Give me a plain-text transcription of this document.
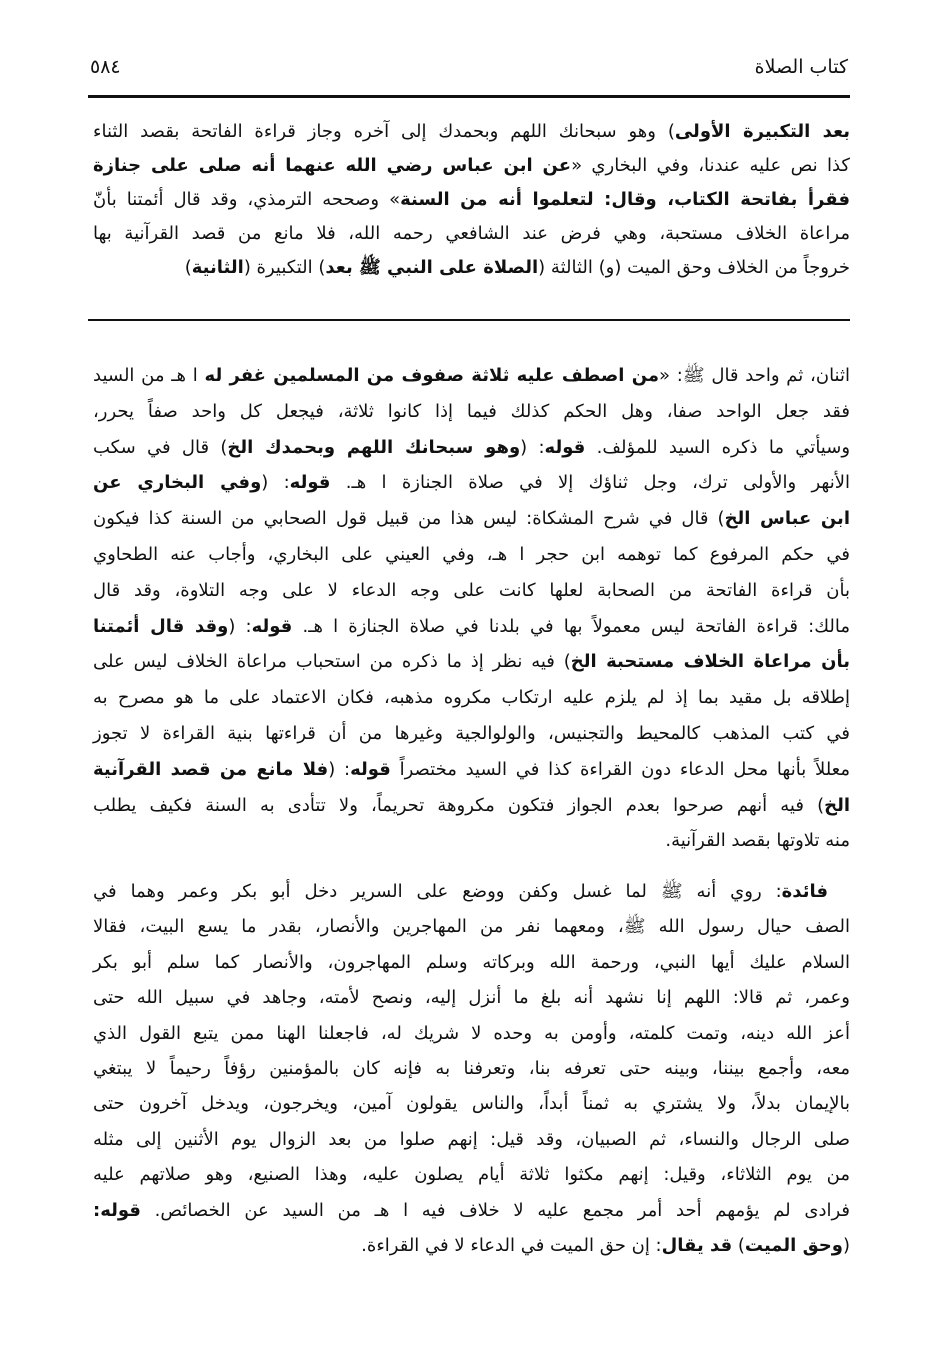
٥٨٤	كتاب الصلاة
بعد التكبيرة الأولى) وهو سبحانك اللهم وبحمدك إلى آخره وجاز قراءة الفاتحة بقصد الثناء
كذا نص عليه عندنا، وفي البخاري «عن ابن عباس رضي الله عنهما أنه صلى على جنازة
فقرأ بفاتحة الكتاب، وقال: لتعلموا أنه من السنة» وصححه الترمذي، وقد قال أئمتنا بأنّ
مراعاة الخلاف مستحبة، وهي فرض عند الشافعي رحمه الله، فلا مانع من قصد القرآنية بها
خروجاً من الخلاف وحق الميت (و) الثالثة (الصلاة على النبي ﷺ بعد) التكبيرة (الثانية)
اثنان، ثم واحد قال ﷺ: «من اصطف عليه ثلاثة صفوف من المسلمين غفر له ا هـ من السيد
فقد جعل الواحد صفا، وهل الحكم كذلك فيما إذا كانوا ثلاثة، فيجعل كل واحد صفاً يحرر،
وسيأتي ما ذكره السيد للمؤلف. قوله: (وهو سبحانك اللهم وبحمدك الخ) قال في سكب
الأنهر والأولى ترك، وجل ثناؤك إلا في صلاة الجنازة ا هـ. قوله: (وفي البخاري عن
ابن عباس الخ) قال في شرح المشكاة: ليس هذا من قبيل قول الصحابي من السنة كذا فيكون
في حكم المرفوع كما توهمه ابن حجر ا هـ، وفي العيني على البخاري، وأجاب عنه الطحاوي
بأن قراءة الفاتحة من الصحابة لعلها كانت على وجه الدعاء لا على وجه التلاوة، وقد قال
مالك: قراءة الفاتحة ليس معمولاً بها في بلدنا في صلاة الجنازة ا هـ. قوله: (وقد قال أئمتنا
بأن مراعاة الخلاف مستحبة الخ) فيه نظر إذ ما ذكره من استحباب مراعاة الخلاف ليس على
إطلاقه بل مقيد بما إذ لم يلزم عليه ارتكاب مكروه مذهبه، فكان الاعتماد على ما هو مصرح به
في كتب المذهب كالمحيط والتجنيس، والولوالجية وغيرها من أن قراءتها بنية القراءة لا تجوز
معللاً بأنها محل الدعاء دون القراءة كذا في السيد مختصراً قوله: (فلا مانع من قصد القرآنية
الخ) فيه أنهم صرحوا بعدم الجواز فتكون مكروهة تحريماً، ولا تتأدى به السنة فكيف يطلب
منه تلاوتها بقصد القرآنية.
فائدة: روي أنه ﷺ لما غسل وكفن ووضع على السرير دخل أبو بكر وعمر وهما في
الصف حيال رسول الله ﷺ، ومعهما نفر من المهاجرين والأنصار، بقدر ما يسع البيت، فقالا
السلام عليك أيها النبي، ورحمة الله وبركاته وسلم المهاجرون، والأنصار كما سلم أبو بكر
وعمر، ثم قالا: اللهم إنا نشهد أنه بلغ ما أنزل إليه، ونصح لأمته، وجاهد في سبيل الله حتى
أعز الله دينه، وتمت كلمته، وأومن به وحده لا شريك له، فاجعلنا الهنا ممن يتبع القول الذي
معه، وأجمع بيننا، وبينه حتى تعرفه بنا، وتعرفنا به فإنه كان بالمؤمنين رؤفاً رحيماً لا يبتغي
بالإيمان بدلاً، ولا يشتري به ثمناً أبداً، والناس يقولون آمين، ويخرجون، ويدخل آخرون حتى
صلى الرجال والنساء، ثم الصبيان، وقد قيل: إنهم صلوا من بعد الزوال يوم الأثنين إلى مثله
من يوم الثلاثاء، وقيل: إنهم مكثوا ثلاثة أيام يصلون عليه، وهذا الصنيع، وهو صلاتهم عليه
فرادى لم يؤمهم أحد أمر مجمع عليه لا خلاف فيه ا هـ من السيد عن الخصائص. قوله:
(وحق الميت) قد يقال: إن حق الميت في الدعاء لا في القراءة.
